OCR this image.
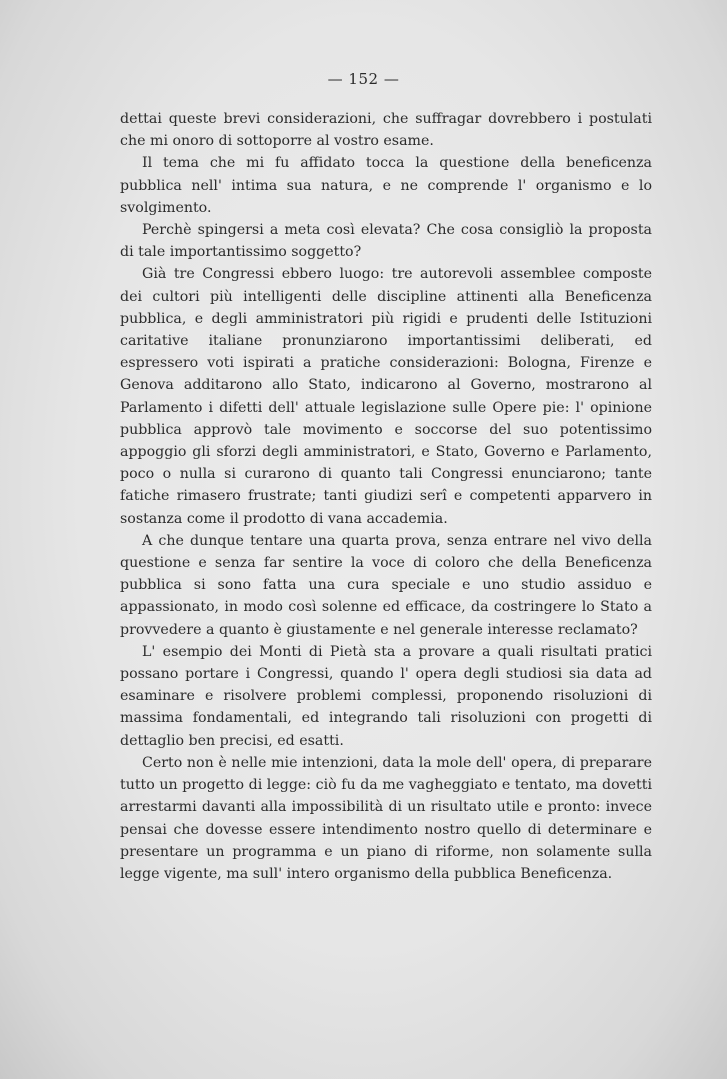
— 152 —

dettai queste brevi considerazioni, che suffragar dovrebbero i postulati che mi onoro di sottoporre al vostro esame.

Il tema che mi fu affidato tocca la questione della beneficenza pubblica nell' intima sua natura, e ne comprende l' organismo e lo svolgimento.

Perchè spingersi a meta così elevata? Che cosa consigliò la proposta di tale importantissimo soggetto?

Già tre Congressi ebbero luogo: tre autorevoli assemblee composte dei cultori più intelligenti delle discipline attinenti alla Beneficenza pubblica, e degli amministratori più rigidi e prudenti delle Istituzioni caritative italiane pronunziarono importantissimi deliberati, ed espressero voti ispirati a pratiche considerazioni: Bologna, Firenze e Genova additarono allo Stato, indicarono al Governo, mostrarono al Parlamento i difetti dell' attuale legislazione sulle Opere pie: l' opinione pubblica approvò tale movimento e soccorse del suo potentissimo appoggio gli sforzi degli amministratori, e Stato, Governo e Parlamento, poco o nulla si curarono di quanto tali Congressi enunciarono; tante fatiche rimasero frustrate; tanti giudizi serî e competenti apparvero in sostanza come il prodotto di vana accademia.

A che dunque tentare una quarta prova, senza entrare nel vivo della questione e senza far sentire la voce di coloro che della Beneficenza pubblica si sono fatta una cura speciale e uno studio assiduo e appassionato, in modo così solenne ed efficace, da costringere lo Stato a provvedere a quanto è giustamente e nel generale interesse reclamato?

L' esempio dei Monti di Pietà sta a provare a quali risultati pratici possano portare i Congressi, quando l' opera degli studiosi sia data ad esaminare e risolvere problemi complessi, proponendo risoluzioni di massima fondamentali, ed integrando tali risoluzioni con progetti di dettaglio ben precisi, ed esatti.

Certo non è nelle mie intenzioni, data la mole dell' opera, di preparare tutto un progetto di legge: ciò fu da me vagheggiato e tentato, ma dovetti arrestarmi davanti alla impossibilità di un risultato utile e pronto: invece pensai che dovesse essere intendimento nostro quello di determinare e presentare un programma e un piano di riforme, non solamente sulla legge vigente, ma sull' intero organismo della pubblica Beneficenza.
